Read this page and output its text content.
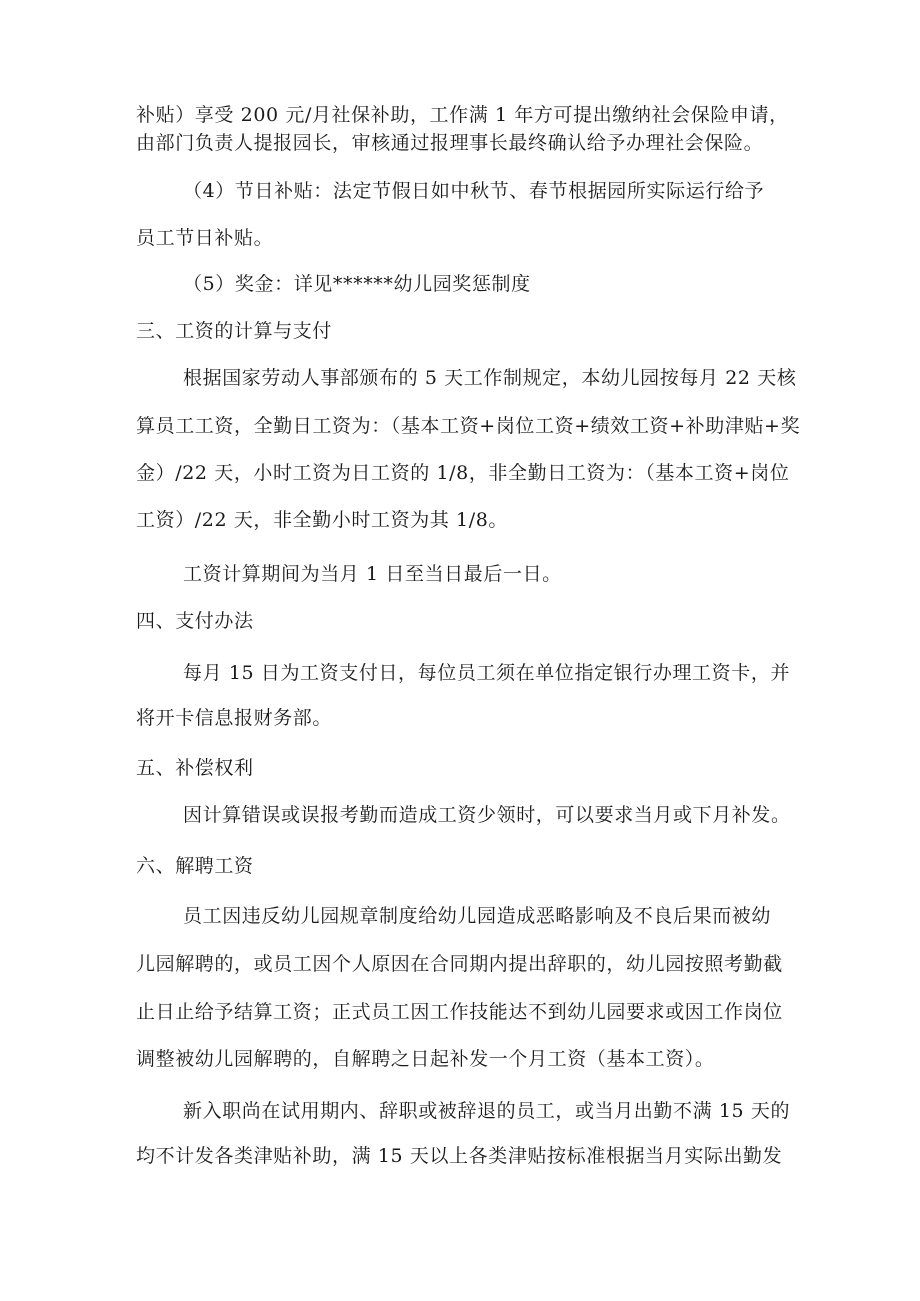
补贴）享受 200 元/月社保补助，工作满 1 年方可提出缴纳社会保险申请，
由部门负责人提报园长，审核通过报理事长最终确认给予办理社会保险。
（4）节日补贴：法定节假日如中秋节、春节根据园所实际运行给予
员工节日补贴。
（5）奖金：详见******幼儿园奖惩制度
三、工资的计算与支付
根据国家劳动人事部颁布的 5 天工作制规定，本幼儿园按每月 22 天核
算员工工资，全勤日工资为：（基本工资+岗位工资+绩效工资+补助津贴+奖
金）/22 天，小时工资为日工资的 1/8，非全勤日工资为：（基本工资+岗位
工资）/22 天，非全勤小时工资为其 1/8。
工资计算期间为当月 1 日至当日最后一日。
四、支付办法
每月 15 日为工资支付日，每位员工须在单位指定银行办理工资卡，并
将开卡信息报财务部。
五、补偿权利
因计算错误或误报考勤而造成工资少领时，可以要求当月或下月补发。
六、解聘工资
员工因违反幼儿园规章制度给幼儿园造成恶略影响及不良后果而被幼
儿园解聘的，或员工因个人原因在合同期内提出辞职的，幼儿园按照考勤截
止日止给予结算工资；正式员工因工作技能达不到幼儿园要求或因工作岗位
调整被幼儿园解聘的，自解聘之日起补发一个月工资（基本工资）。
新入职尚在试用期内、辞职或被辞退的员工，或当月出勤不满 15 天的
均不计发各类津贴补助，满 15 天以上各类津贴按标准根据当月实际出勤发
